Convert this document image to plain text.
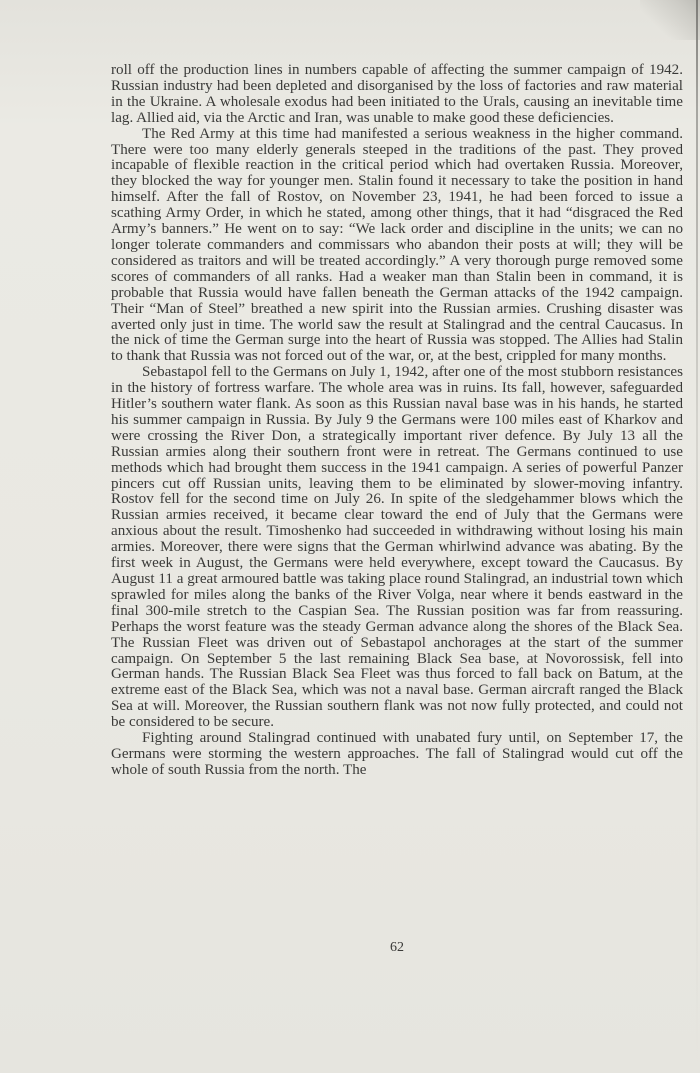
roll off the production lines in numbers capable of affecting the summer campaign of 1942. Russian industry had been depleted and disorganised by the loss of factories and raw material in the Ukraine. A wholesale exodus had been initiated to the Urals, causing an inevitable time lag. Allied aid, via the Arctic and Iran, was unable to make good these deficiencies.

The Red Army at this time had manifested a serious weakness in the higher command. There were too many elderly generals steeped in the traditions of the past. They proved incapable of flexible reaction in the critical period which had overtaken Russia. Moreover, they blocked the way for younger men. Stalin found it necessary to take the position in hand himself. After the fall of Rostov, on November 23, 1941, he had been forced to issue a scathing Army Order, in which he stated, among other things, that it had “disgraced the Red Army’s banners.” He went on to say: “We lack order and discipline in the units; we can no longer tolerate commanders and commissars who abandon their posts at will; they will be considered as traitors and will be treated accordingly.” A very thorough purge removed some scores of commanders of all ranks. Had a weaker man than Stalin been in command, it is probable that Russia would have fallen beneath the German attacks of the 1942 campaign. Their “Man of Steel” breathed a new spirit into the Russian armies. Crushing disaster was averted only just in time. The world saw the result at Stalingrad and the central Caucasus. In the nick of time the German surge into the heart of Russia was stopped. The Allies had Stalin to thank that Russia was not forced out of the war, or, at the best, crippled for many months.

Sebastapol fell to the Germans on July 1, 1942, after one of the most stubborn resistances in the history of fortress warfare. The whole area was in ruins. Its fall, however, safeguarded Hitler’s southern water flank. As soon as this Russian naval base was in his hands, he started his summer campaign in Russia. By July 9 the Germans were 100 miles east of Kharkov and were crossing the River Don, a strategically important river defence. By July 13 all the Russian armies along their southern front were in retreat. The Germans continued to use methods which had brought them success in the 1941 campaign. A series of powerful Panzer pincers cut off Russian units, leaving them to be eliminated by slower-moving infantry. Rostov fell for the second time on July 26. In spite of the sledgehammer blows which the Russian armies received, it became clear toward the end of July that the Germans were anxious about the result. Timoshenko had succeeded in withdrawing without losing his main armies. Moreover, there were signs that the German whirlwind advance was abating. By the first week in August, the Germans were held everywhere, except toward the Caucasus. By August 11 a great armoured battle was taking place round Stalingrad, an industrial town which sprawled for miles along the banks of the River Volga, near where it bends eastward in the final 300-mile stretch to the Caspian Sea. The Russian position was far from reassuring. Perhaps the worst feature was the steady German advance along the shores of the Black Sea. The Russian Fleet was driven out of Sebastapol anchorages at the start of the summer campaign. On September 5 the last remaining Black Sea base, at Novorossisk, fell into German hands. The Russian Black Sea Fleet was thus forced to fall back on Batum, at the extreme east of the Black Sea, which was not a naval base. German aircraft ranged the Black Sea at will. Moreover, the Russian southern flank was not now fully protected, and could not be considered to be secure.

Fighting around Stalingrad continued with unabated fury until, on September 17, the Germans were storming the western approaches. The fall of Stalingrad would cut off the whole of south Russia from the north. The

62
